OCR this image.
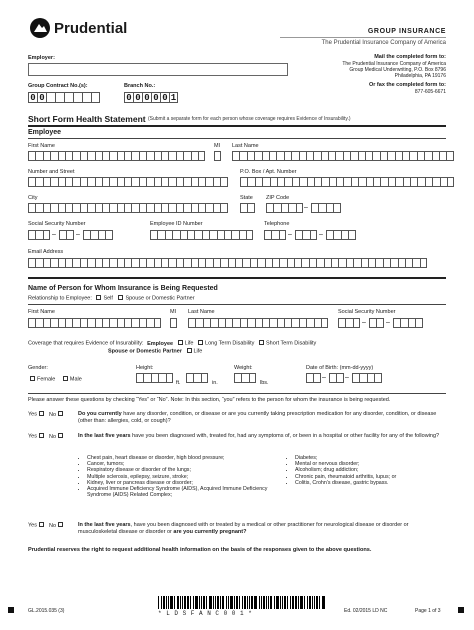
Prudential	GROUP INSURANCE
The Prudential Insurance Company of America
Mail the completed form to:
The Prudential Insurance Company of America
Group Medical Underwriting, P.O. Box 8796
Philadelphia, PA 19176
Or fax the completed form to:
877-605-6671
Employer:
Group Contract No.(s):
0 0
Branch No.:
0 0 0 0 0 1
Short Form Health Statement (Submit a separate form for each person whose coverage requires Evidence of Insurability.)
Employee
First Name	MI Last Name
Number and Street	P.O. Box / Apt. Number
City	State ZIP Code
–
Social Security Number	Employee ID Number	Telephone
–	–	–	–
Email Address
Name of Person for Whom Insurance is Being Requested
Relationship to Employee: Self Spouse or Domestic Partner
First Name	MI Last Name	Social Security Number
–	–
Coverage that requires Evidence of Insurability: Employee Life Long Term Disability Short Term Disability
Spouse or Domestic Partner Life
Gender:
Female	Male
Height:
ft.	in.
Weight:
lbs.
Date of Birth: (mm-dd-yyyy)
–	–
Please answer these questions by checking “Yes” or “No”. Note: In this section, “you” refers to the person for whom the insurance is being requested.
Yes No	Do you currently have any disorder, condition, or disease or are you currently taking prescription medication for any disorder, condition, or disease (other than: allergies, cold, or cough)?
Yes No	In the last five years have you been diagnosed with, treated for, had any symptoms of, or been in a hospital or other facility for any of the following?
• Chest pain, heart disease or disorder, high blood pressure;
• Cancer, tumors;
• Respiratory disease or disorder of the lungs;
• Multiple sclerosis, epilepsy, seizure, stroke;
• Kidney, liver or pancreas disease or disorder;
• Acquired Immune Deficiency Syndrome (AIDS), Acquired Immune Deficiency Syndrome (AIDS) Related Complex;
• Diabetes;
• Mental or nervous disorder;
• Alcoholism; drug addiction;
• Chronic pain, rheumatoid arthritis, lupus; or
• Colitis, Crohn’s disease, gastric bypass.
Yes No	In the last five years, have you been diagnosed with or treated by a medical or other practitioner for neurological disease or disorder or musculoskeletal disease or disorder or are you currently pregnant?
Prudential reserves the right to request additional health information on the basis of the responses given to the above questions.
GL.2015.035 (3)	* L D S F A N C 0 0 1 *	Ed. 02/2015 LD NC	Page 1 of 3
